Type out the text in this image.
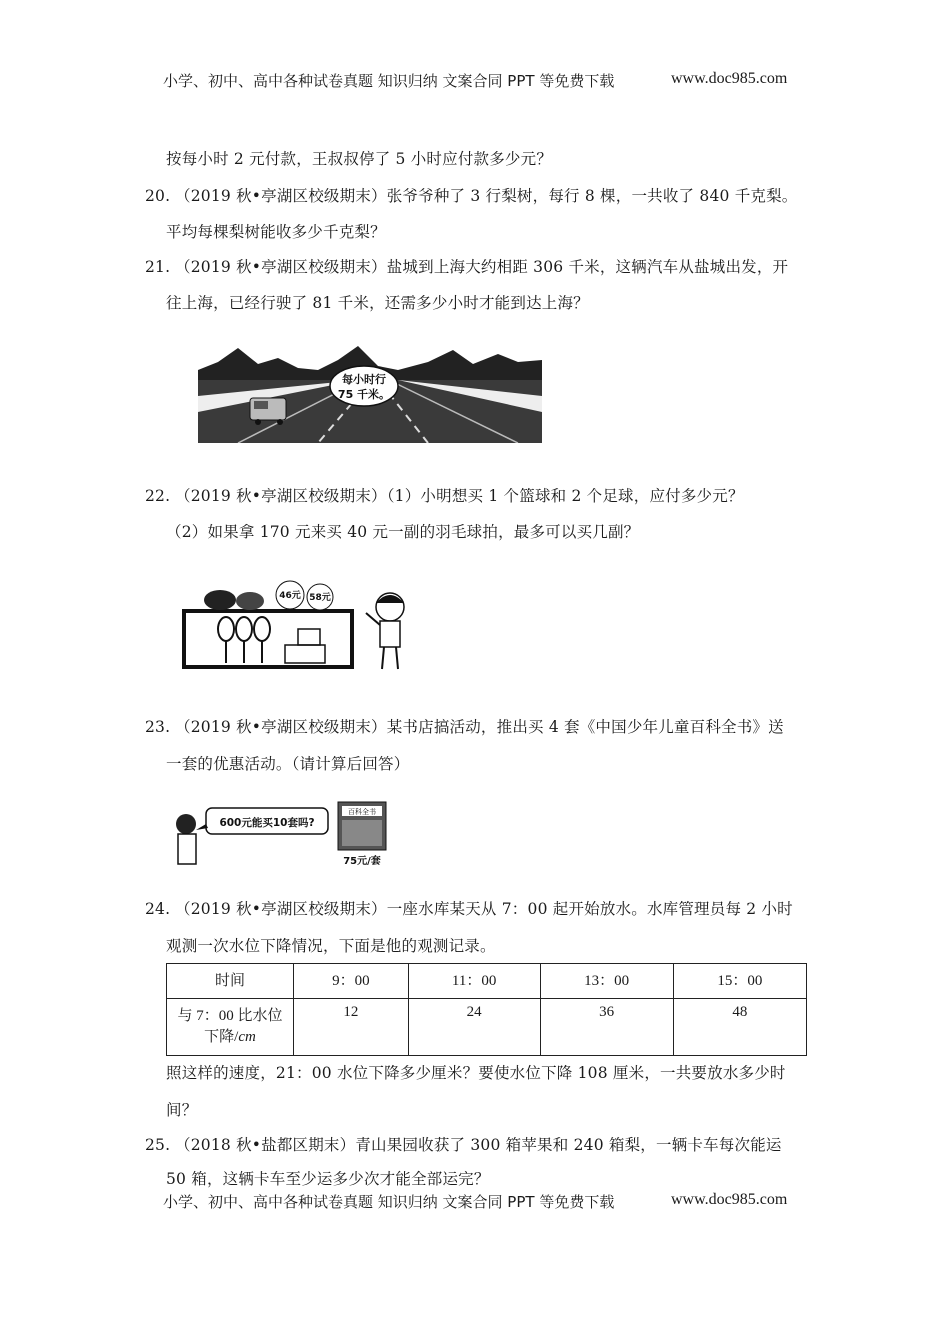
小学、初中、高中各种试卷真题 知识归纳 文案合同 PPT 等免费下载	www.doc985.com
按每小时 2 元付款，王叔叔停了 5 小时应付款多少元？
20. （2019 秋•亭湖区校级期末）张爷爷种了 3 行梨树，每行 8 棵，一共收了 840 千克梨。
平均每棵梨树能收多少千克梨？
21. （2019 秋•亭湖区校级期末）盐城到上海大约相距 306 千米，这辆汽车从盐城出发，开
往上海，已经行驶了 81 千米，还需多少小时才能到达上海？
每小时行
75 千米。
22. （2019 秋•亭湖区校级期末）（1）小明想买 1 个篮球和 2 个足球，应付多少元？
（2）如果拿 170 元来买 40 元一副的羽毛球拍，最多可以买几副？
46元 58元
23. （2019 秋•亭湖区校级期末）某书店搞活动，推出买 4 套《中国少年儿童百科全书》送
一套的优惠活动。（请计算后回答）
600元能买10套吗?
百科全书
75元/套
24. （2019 秋•亭湖区校级期末）一座水库某天从 7：00 起开始放水。水库管理员每 2 小时
观测一次水位下降情况，下面是他的观测记录。
时间	9：00	11：00	13：00	15：00

与 7：00 比水位
下降/cm	12	24	36	48
照这样的速度，21：00 水位下降多少厘米？要使水位下降 108 厘米，一共要放水多少时
间？
25. （2018 秋•盐都区期末）青山果园收获了 300 箱苹果和 240 箱梨，一辆卡车每次能运
50 箱，这辆卡车至少运多少次才能全部运完？
小学、初中、高中各种试卷真题 知识归纳 文案合同 PPT 等免费下载	www.doc985.com
